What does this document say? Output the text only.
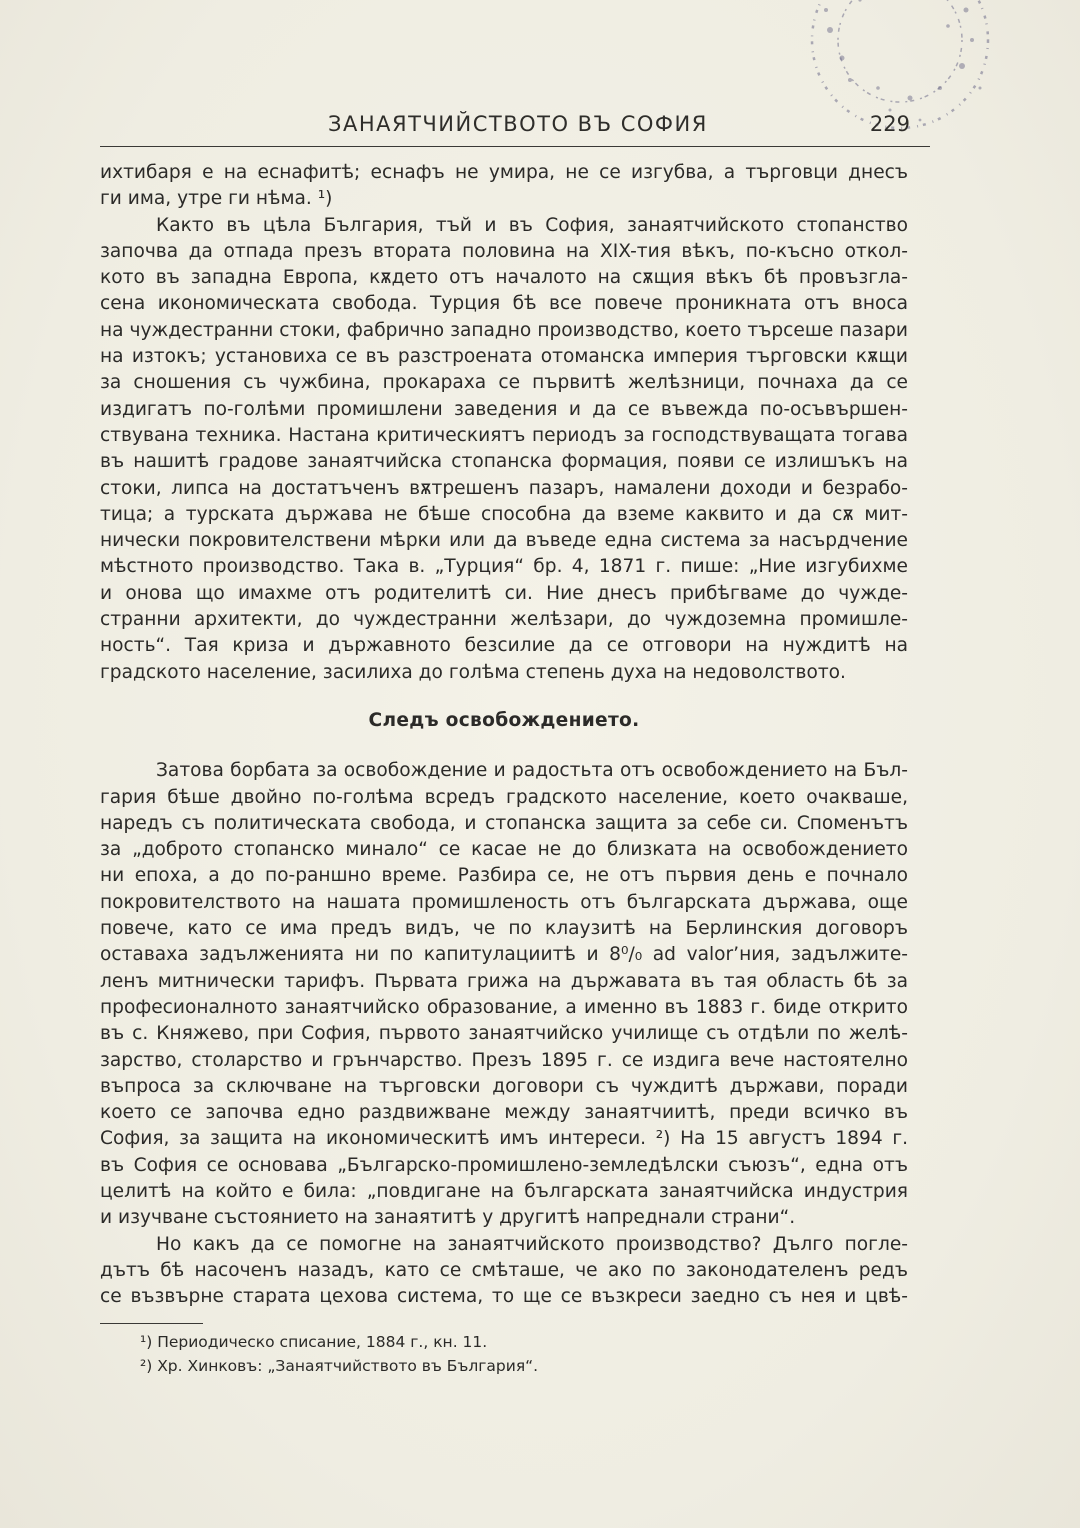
ЗАНАЯТЧИЙСТВОТО ВЪ СОФИЯ	229
ихтибаря е на еснафитѣ; еснафъ не умира, не се изгубва, а търговци днесъ
ги има, утре ги нѣма. ¹)
Както въ цѣла България, тъй и въ София, занаятчийското стопанство
започва да отпада презъ втората половина на XIX-тия вѣкъ, по-късно откол-
кото въ западна Европа, кѫдето отъ началото на сѫщия вѣкъ бѣ провъзгла-
сена икономическата свобода. Турция бѣ все повече проникната отъ вноса
на чуждестранни стоки, фабрично западно производство, което търсеше пазари
на изтокъ; установиха се въ разстроената отоманска империя търговски кѫщи
за сношения съ чужбина, прокараха се първитѣ желѣзници, почнаха да се
издигатъ по-голѣми промишлени заведения и да се въвежда по-осъвършен-
ствувана техника. Настана критическиятъ периодъ за господствуващата тогава
въ нашитѣ градове занаятчийска стопанска формация, появи се излишъкъ на
стоки, липса на достатъченъ вѫтрешенъ пазаръ, намалени доходи и безрабо-
тица; а турската държава не бѣше способна да вземе каквито и да сѫ мит-
нически покровителствени мѣрки или да въведе една система за насърдчение
мѣстното производство. Така в. „Турция“ бр. 4, 1871 г. пише: „Ние изгубихме
и онова що имахме отъ родителитѣ си. Ние днесъ прибѣгваме до чужде-
странни архитекти, до чуждестранни желѣзари, до чуждоземна промишле-
ность“. Тая криза и държавното безсилие да се отговори на нуждитѣ на
градското население, засилиха до голѣма степень духа на недоволството.
Следъ освобождението.
Затова борбата за освобождение и радостьта отъ освобождението на Бъл-
гария бѣше двойно по-голѣма всредъ градското население, което очакваше,
наредъ съ политическата свобода, и стопанска защита за себе си. Споменътъ
за „доброто стопанско минало“ се касае не до близката на освобождението
ни епоха, а до по-раншно време. Разбира се, не отъ първия день е почнало
покровителството на нашата промишленость отъ българската държава, още
повече, като се има предъ видъ, че по клаузитѣ на Берлинския договоръ
оставаха задълженията ни по капитулациитѣ и 8⁰/₀ ad valor’ния, задължите-
ленъ митнически тарифъ. Първата грижа на държавата въ тая область бѣ за
професионалното занаятчийско образование, а именно въ 1883 г. биде открито
въ с. Княжево, при София, първото занаятчийско училище съ отдѣли по желѣ-
зарство, столарство и грънчарство. Презъ 1895 г. се издига вече настоятелно
въпроса за сключване на търговски договори съ чуждитѣ държави, поради
което се започва едно раздвижване между занаятчиитѣ, преди всичко въ
София, за защита на икономическитѣ имъ интереси. ²) На 15 августъ 1894 г.
въ София се основава „Българско-промишлено-земледѣлски съюзъ“, една отъ
целитѣ на който е била: „повдигане на българската занаятчийска индустрия
и изучване състоянието на занаятитѣ у другитѣ напреднали страни“.
Но какъ да се помогне на занаятчийското производство? Дълго погле-
дътъ бѣ насоченъ назадъ, като се смѣташе, че ако по законодателенъ редъ
се възвърне старата цехова система, то ще се възкреси заедно съ нея и цвѣ-
¹) Периодическо списание, 1884 г., кн. 11.
²) Хр. Хинковъ: „Занаятчийството въ България“.
